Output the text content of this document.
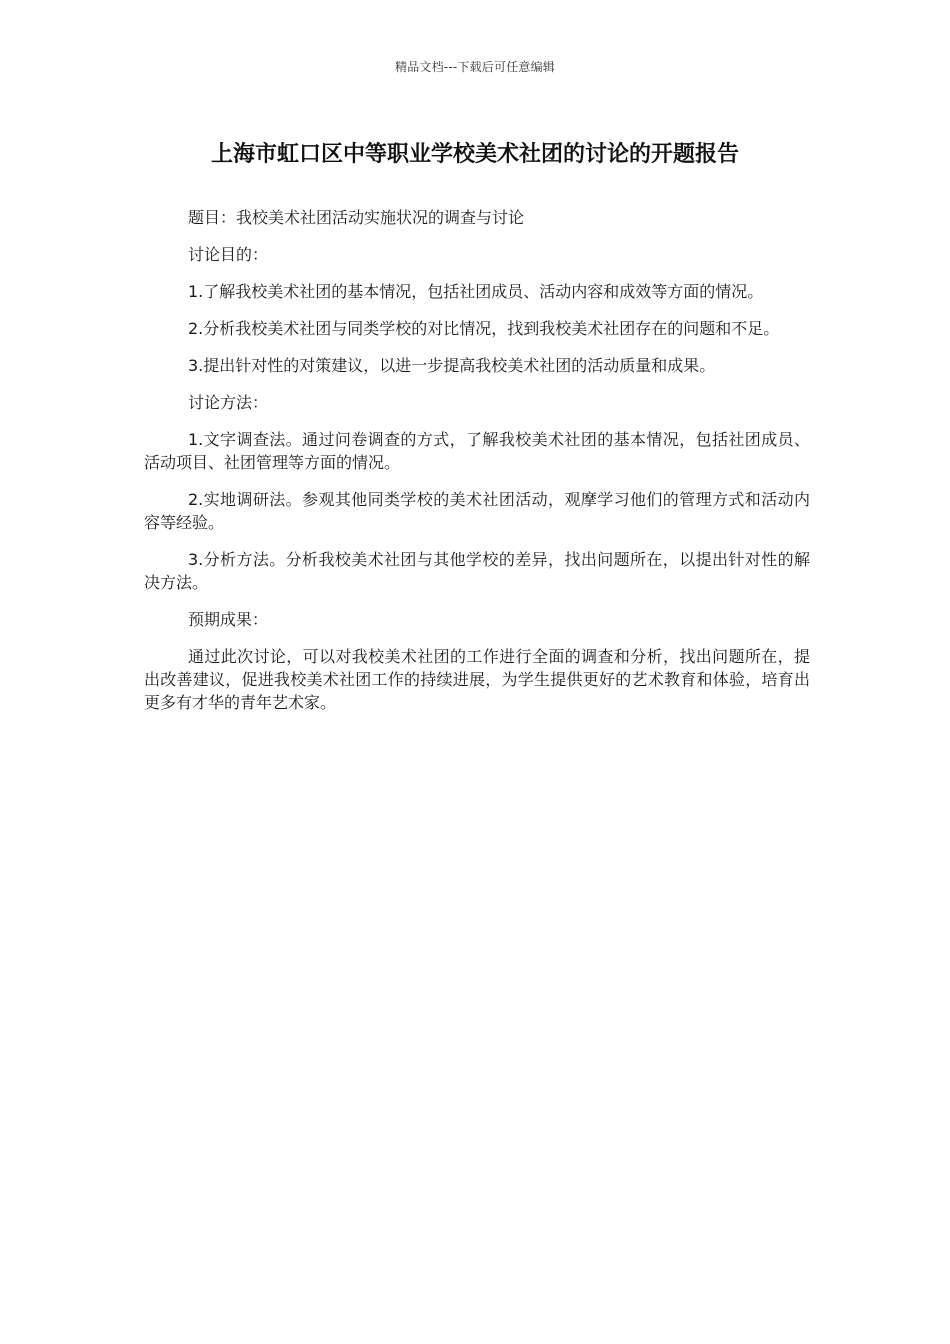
精品文档---下载后可任意编辑
上海市虹口区中等职业学校美术社团的讨论的开题报告

题目：我校美术社团活动实施状况的调查与讨论

讨论目的：

1.了解我校美术社团的基本情况，包括社团成员、活动内容和成效等方面的情况。

2.分析我校美术社团与同类学校的对比情况，找到我校美术社团存在的问题和不足。

3.提出针对性的对策建议，以进一步提高我校美术社团的活动质量和成果。

讨论方法：

1.文字调查法。通过问卷调查的方式，了解我校美术社团的基本情况，包括社团成员、活动项目、社团管理等方面的情况。

2.实地调研法。参观其他同类学校的美术社团活动，观摩学习他们的管理方式和活动内容等经验。

3.分析方法。分析我校美术社团与其他学校的差异，找出问题所在，以提出针对性的解决方法。

预期成果：

通过此次讨论，可以对我校美术社团的工作进行全面的调查和分析，找出问题所在，提出改善建议，促进我校美术社团工作的持续进展，为学生提供更好的艺术教育和体验，培育出更多有才华的青年艺术家。
